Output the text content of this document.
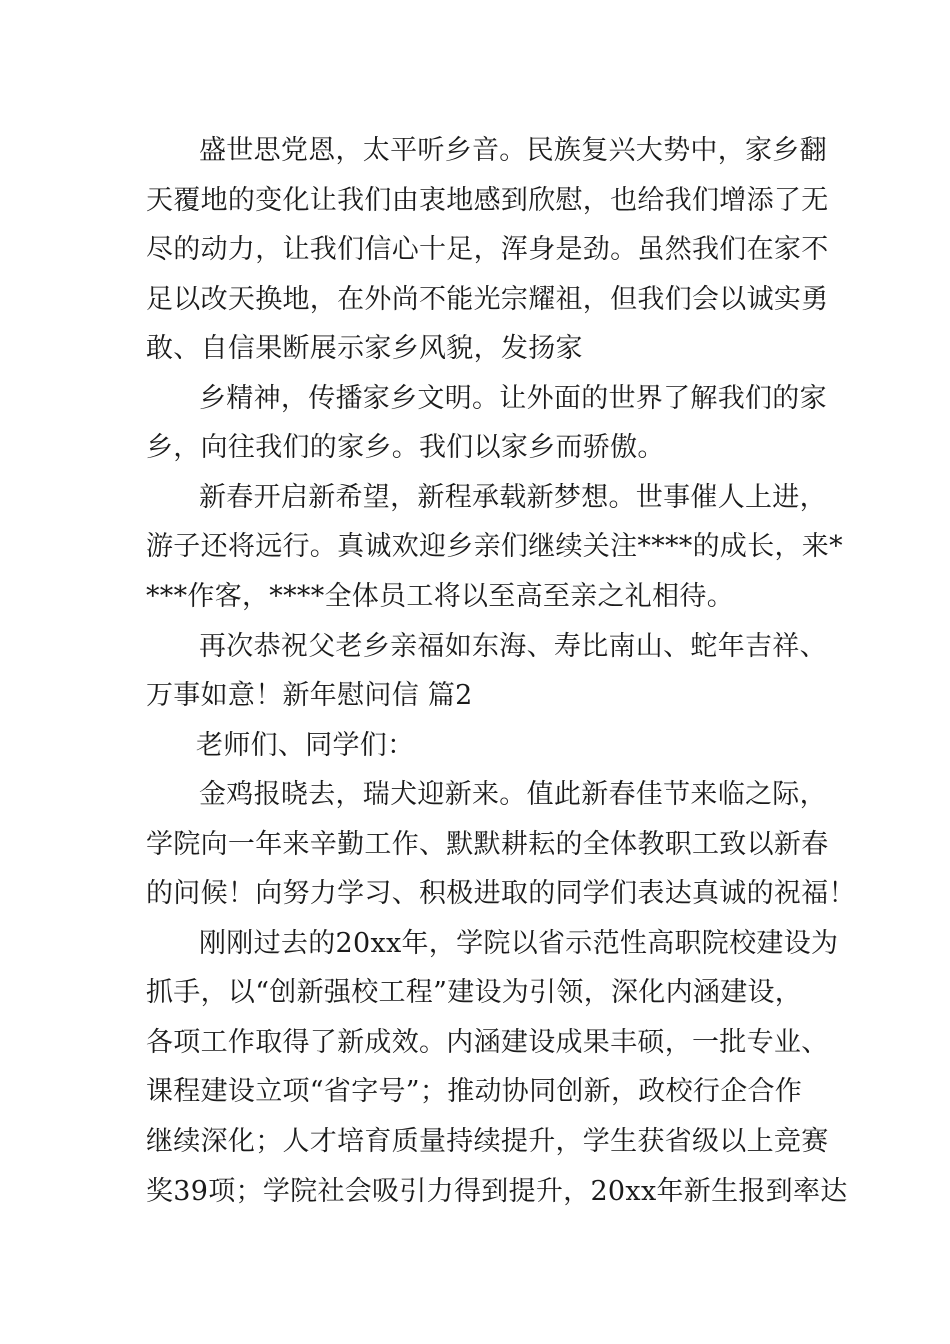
盛世思党恩，太平听乡音。民族复兴大势中，家乡翻
天覆地的变化让我们由衷地感到欣慰，也给我们增添了无
尽的动力，让我们信心十足，浑身是劲。虽然我们在家不
足以改天换地，在外尚不能光宗耀祖，但我们会以诚实勇
敢、自信果断展示家乡风貌，发扬家
乡精神，传播家乡文明。让外面的世界了解我们的家
乡，向往我们的家乡。我们以家乡而骄傲。
新春开启新希望，新程承载新梦想。世事催人上进，
游子还将远行。真诚欢迎乡亲们继续关注****的成长，来*
***作客，****全体员工将以至高至亲之礼相待。
再次恭祝父老乡亲福如东海、寿比南山、蛇年吉祥、
万事如意！新年慰问信 篇2
老师们、同学们：
金鸡报晓去，瑞犬迎新来。值此新春佳节来临之际，
学院向一年来辛勤工作、默默耕耘的全体教职工致以新春
的问候！向努力学习、积极进取的同学们表达真诚的祝福！
刚刚过去的20xx年，学院以省示范性高职院校建设为
抓手，以“创新强校工程”建设为引领，深化内涵建设，
各项工作取得了新成效。内涵建设成果丰硕，一批专业、
课程建设立项“省字号”；推动协同创新，政校行企合作
继续深化；人才培育质量持续提升，学生获省级以上竞赛
奖39项；学院社会吸引力得到提升，20xx年新生报到率达
